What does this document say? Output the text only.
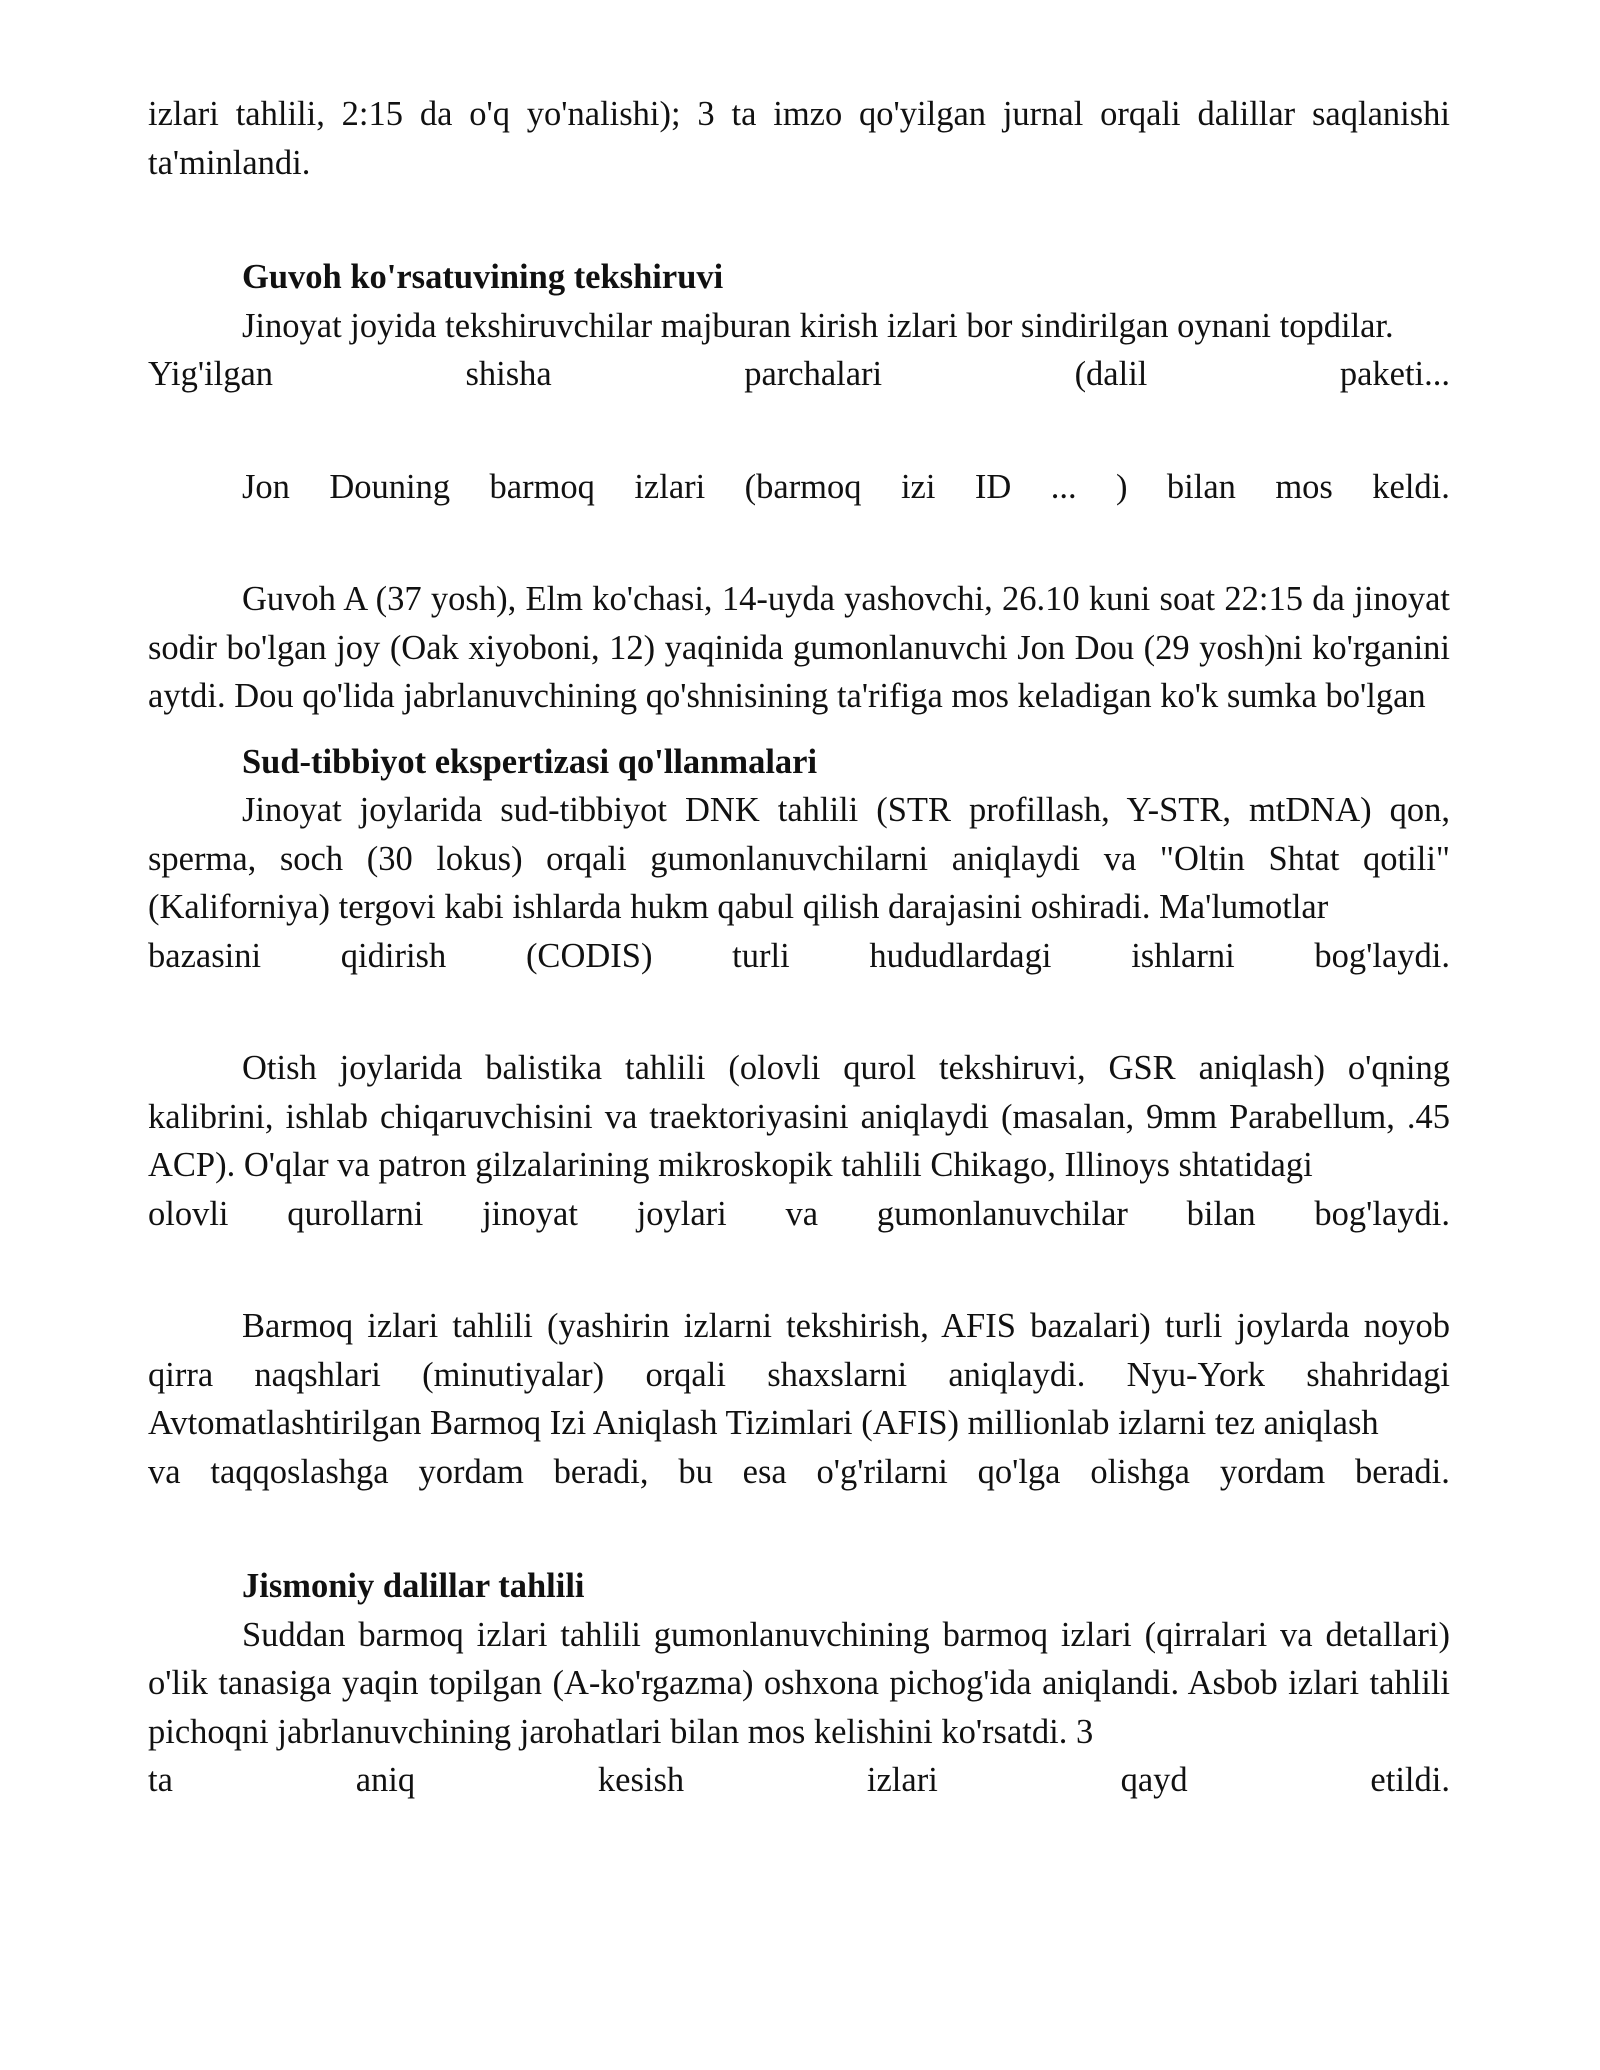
izlari tahlili, 2:15 da o'q yo'nalishi); 3 ta imzo qo'yilgan jurnal orqali dalillar saqlanishi ta'minlandi.

Guvoh ko'rsatuvining tekshiruvi

Jinoyat joyida tekshiruvchilar majburan kirish izlari bor sindirilgan oynani topdilar.

Yig'ilgan	shisha	parchalari	(dalil	paketi...
Jon Douning barmoq izlari (barmoq izi ID ... ) bilan mos keldi.

Guvoh A (37 yosh), Elm ko'chasi, 14-uyda yashovchi, 26.10 kuni soat 22:15 da jinoyat sodir bo'lgan joy (Oak xiyoboni, 12) yaqinida gumonlanuvchi Jon Dou (29 yosh)ni ko'rganini aytdi. Dou qo'lida jabrlanuvchining qo'shnisining ta'rifiga mos keladigan ko'k sumka bo'lgan

Sud-tibbiyot ekspertizasi qo'llanmalari

Jinoyat joylarida sud-tibbiyot DNK tahlili (STR profillash, Y-STR, mtDNA) qon, sperma, soch (30 lokus) orqali gumonlanuvchilarni aniqlaydi va "Oltin Shtat qotili" (Kaliforniya) tergovi kabi ishlarda hukm qabul qilish darajasini oshiradi. Ma'lumotlar

bazasini qidirish (CODIS) turli hududlardagi ishlarni bog'laydi.

Otish joylarida balistika tahlili (olovli qurol tekshiruvi, GSR aniqlash) o'qning kalibrini, ishlab chiqaruvchisini va traektoriyasini aniqlaydi (masalan, 9mm Parabellum, .45 ACP). O'qlar va patron gilzalarining mikroskopik tahlili Chikago, Illinoys shtatidagi

olovli qurollarni jinoyat joylari va gumonlanuvchilar bilan bog'laydi.

Barmoq izlari tahlili (yashirin izlarni tekshirish, AFIS bazalari) turli joylarda noyob qirra naqshlari (minutiyalar) orqali shaxslarni aniqlaydi. Nyu-York shahridagi Avtomatlashtirilgan Barmoq Izi Aniqlash Tizimlari (AFIS) millionlab izlarni tez aniqlash

va taqqoslashga yordam beradi, bu esa o'g'rilarni qo'lga olishga yordam beradi.
Jismoniy dalillar tahlili

Suddan barmoq izlari tahlili gumonlanuvchining barmoq izlari (qirralari va detallari) o'lik tanasiga yaqin topilgan (A-ko'rgazma) oshxona pichog'ida aniqlandi. Asbob izlari tahlili pichoqni jabrlanuvchining jarohatlari bilan mos kelishini ko'rsatdi. 3

ta	aniq	kesish	izlari	qayd	etildi.
